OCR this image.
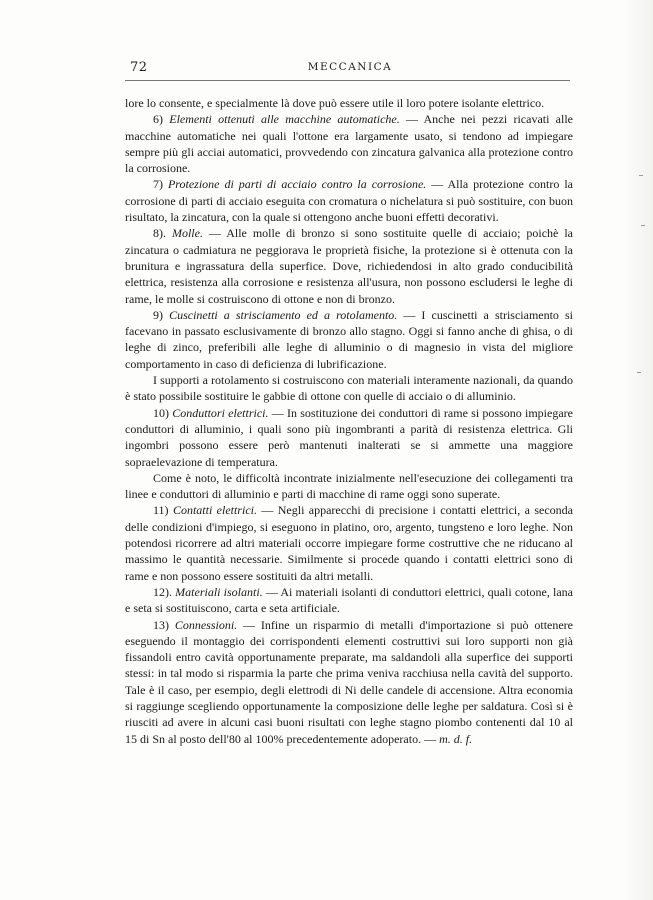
72	MECCANICA

lore lo consente, e specialmente là dove può essere utile il loro potere isolante elettrico.

6) Elementi ottenuti alle macchine automatiche. — Anche nei pezzi ricavati alle macchine automatiche nei quali l'ottone era largamente usato, si tendono ad impiegare sempre più gli acciai automatici, provvedendo con zincatura galvanica alla protezione contro la corrosione.

7) Protezione di parti di acciaio contro la corrosione. — Alla protezione contro la corrosione di parti di acciaio eseguita con cromatura o nichelatura si può sostituire, con buon risultato, la zincatura, con la quale si ottengono anche buoni effetti decorativi.

8). Molle. — Alle molle di bronzo si sono sostituite quelle di acciaio; poichè la zincatura o cadmiatura ne peggiorava le proprietà fisiche, la protezione si è ottenuta con la brunitura e ingrassatura della superfice. Dove, richiedendosi in alto grado conducibilità elettrica, resistenza alla corrosione e resistenza all'usura, non possono escludersi le leghe di rame, le molle si costruiscono di ottone e non di bronzo.

9) Cuscinetti a strisciamento ed a rotolamento. — I cuscinetti a strisciamento si facevano in passato esclusivamente di bronzo allo stagno. Oggi si fanno anche di ghisa, o di leghe di zinco, preferibili alle leghe di alluminio o di magnesio in vista del migliore comportamento in caso di deficienza di lubrificazione.

I supporti a rotolamento si costruiscono con materiali interamente nazionali, da quando è stato possibile sostituire le gabbie di ottone con quelle di acciaio o di alluminio.

10) Conduttori elettrici. — In sostituzione dei conduttori di rame si possono impiegare conduttori di alluminio, i quali sono più ingombranti a parità di resistenza elettrica. Gli ingombri possono essere però mantenuti inalterati se si ammette una maggiore sopraelevazione di temperatura.

Come è noto, le difficoltà incontrate inizialmente nell'esecuzione dei collegamenti tra linee e conduttori di alluminio e parti di macchine di rame oggi sono superate.

11) Contatti elettrici. — Negli apparecchi di precisione i contatti elettrici, a seconda delle condizioni d'impiego, si eseguono in platino, oro, argento, tungsteno e loro leghe. Non potendosi ricorrere ad altri materiali occorre impiegare forme costruttive che ne riducano al massimo le quantità necessarie. Similmente si procede quando i contatti elettrici sono di rame e non possono essere sostituiti da altri metalli.

12). Materiali isolanti. — Ai materiali isolanti di conduttori elettrici, quali cotone, lana e seta si sostituiscono, carta e seta artificiale.

13) Connessioni. — Infine un risparmio di metalli d'importazione si può ottenere eseguendo il montaggio dei corrispondenti elementi costruttivi sui loro supporti non già fissandoli entro cavità opportunamente preparate, ma saldandoli alla superfice dei supporti stessi: in tal modo si risparmia la parte che prima veniva racchiusa nella cavità del supporto. Tale è il caso, per esempio, degli elettrodi di Ni delle candele di accensione. Altra economia si raggiunge scegliendo opportunamente la composizione delle leghe per saldatura. Così si è riusciti ad avere in alcuni casi buoni risultati con leghe stagno piombo contenenti dal 10 al 15 di Sn al posto dell'80 al 100% precedentemente adoperato. — m. d. f.
